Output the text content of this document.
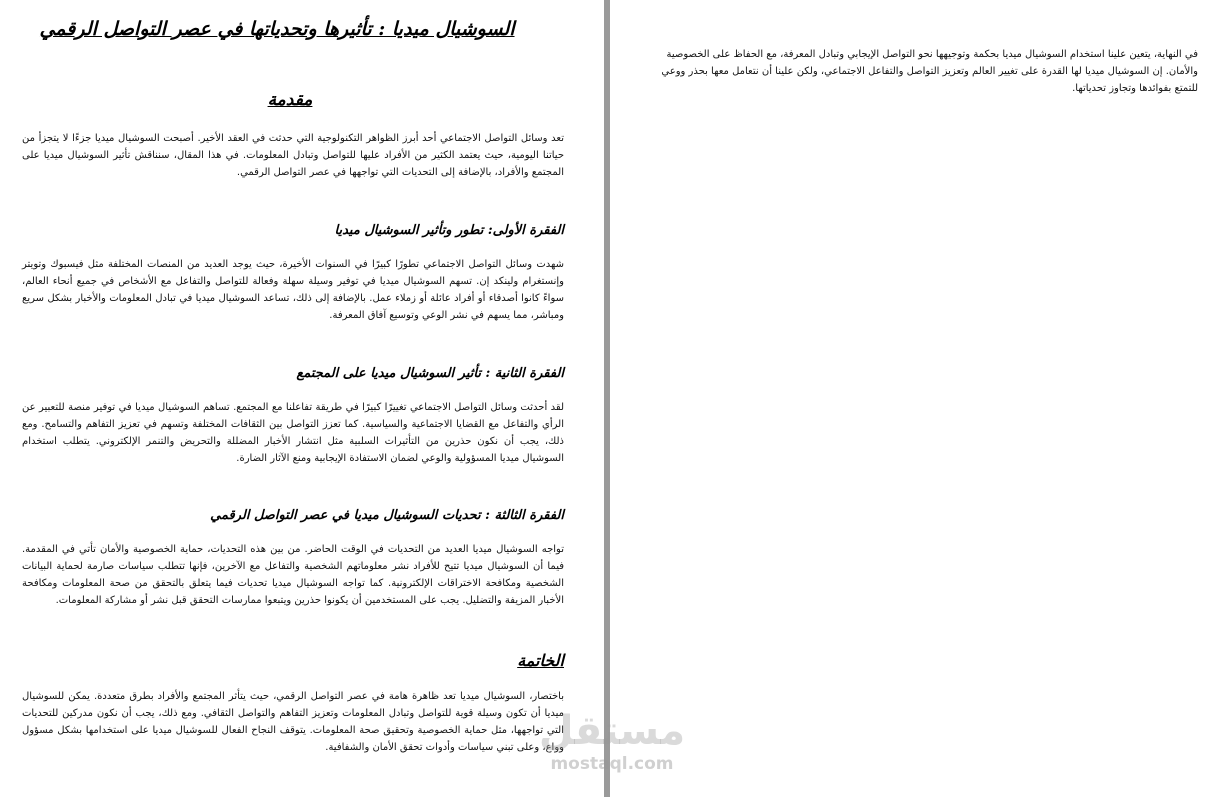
السوشيال ميديا : تأثيرها وتحدياتها في عصر التواصل الرقمي
مقدمة

تعد وسائل التواصل الاجتماعي أحد أبرز الظواهر التكنولوجية التي حدثت في العقد الأخير. أصبحت السوشيال ميديا جزءًا لا يتجزأ من حياتنا اليومية، حيث يعتمد الكثير من الأفراد عليها للتواصل وتبادل المعلومات. في هذا المقال، سنناقش تأثير السوشيال ميديا على المجتمع والأفراد، بالإضافة إلى التحديات التي تواجهها في عصر التواصل الرقمي.

الفقرة الأولى: تطور وتأثير السوشيال ميديا

شهدت وسائل التواصل الاجتماعي تطورًا كبيرًا في السنوات الأخيرة، حيث يوجد العديد من المنصات المختلفة مثل فيسبوك وتويتر وإنستغرام ولينكد إن. تسهم السوشيال ميديا في توفير وسيلة سهلة وفعالة للتواصل والتفاعل مع الأشخاص في جميع أنحاء العالم، سواءً كانوا أصدقاء أو أفراد عائلة أو زملاء عمل. بالإضافة إلى ذلك، تساعد السوشيال ميديا في تبادل المعلومات والأخبار بشكل سريع ومباشر، مما يسهم في نشر الوعي وتوسيع آفاق المعرفة.

الفقرة الثانية : تأثير السوشيال ميديا على المجتمع

لقد أحدثت وسائل التواصل الاجتماعي تغييرًا كبيرًا في طريقة تفاعلنا مع المجتمع. تساهم السوشيال ميديا في توفير منصة للتعبير عن الرأي والتفاعل مع القضايا الاجتماعية والسياسية. كما تعزز التواصل بين الثقافات المختلفة وتسهم في تعزيز التفاهم والتسامح. ومع ذلك، يجب أن نكون حذرين من التأثيرات السلبية مثل انتشار الأخبار المضللة والتحريض والتنمر الإلكتروني. يتطلب استخدام السوشيال ميديا المسؤولية والوعي لضمان الاستفادة الإيجابية ومنع الآثار الضارة.

الفقرة الثالثة : تحديات السوشيال ميديا في عصر التواصل الرقمي

تواجه السوشيال ميديا العديد من التحديات في الوقت الحاضر. من بين هذه التحديات، حماية الخصوصية والأمان تأتي في المقدمة. فيما أن السوشيال ميديا تتيح للأفراد نشر معلوماتهم الشخصية والتفاعل مع الآخرين، فإنها تتطلب سياسات صارمة لحماية البيانات الشخصية ومكافحة الاختراقات الإلكترونية. كما تواجه السوشيال ميديا تحديات فيما يتعلق بالتحقق من صحة المعلومات ومكافحة الأخبار المزيفة والتضليل. يجب على المستخدمين أن يكونوا حذرين ويتبعوا ممارسات التحقق قبل نشر أو مشاركة المعلومات.

الخاتمة

باختصار، السوشيال ميديا تعد ظاهرة هامة في عصر التواصل الرقمي، حيث يتأثر المجتمع والأفراد بطرق متعددة. يمكن للسوشيال ميديا أن تكون وسيلة قوية للتواصل وتبادل المعلومات وتعزيز التفاهم والتواصل الثقافي. ومع ذلك، يجب أن نكون مدركين للتحديات التي تواجهها، مثل حماية الخصوصية وتحقيق صحة المعلومات. يتوقف النجاح الفعال للسوشيال ميديا على استخدامها بشكل مسؤول وواع، وعلى تبني سياسات وأدوات تحقق الأمان والشفافية.

في النهاية، يتعين علينا استخدام السوشيال ميديا بحكمة وتوجيهها نحو التواصل الإيجابي وتبادل المعرفة، مع الحفاظ على الخصوصية والأمان. إن السوشيال ميديا لها القدرة على تغيير العالم وتعزيز التواصل والتفاعل الاجتماعي، ولكن علينا أن نتعامل معها بحذر ووعي للتمتع بفوائدها وتجاوز تحدياتها.

مستقل
mostaql.com
